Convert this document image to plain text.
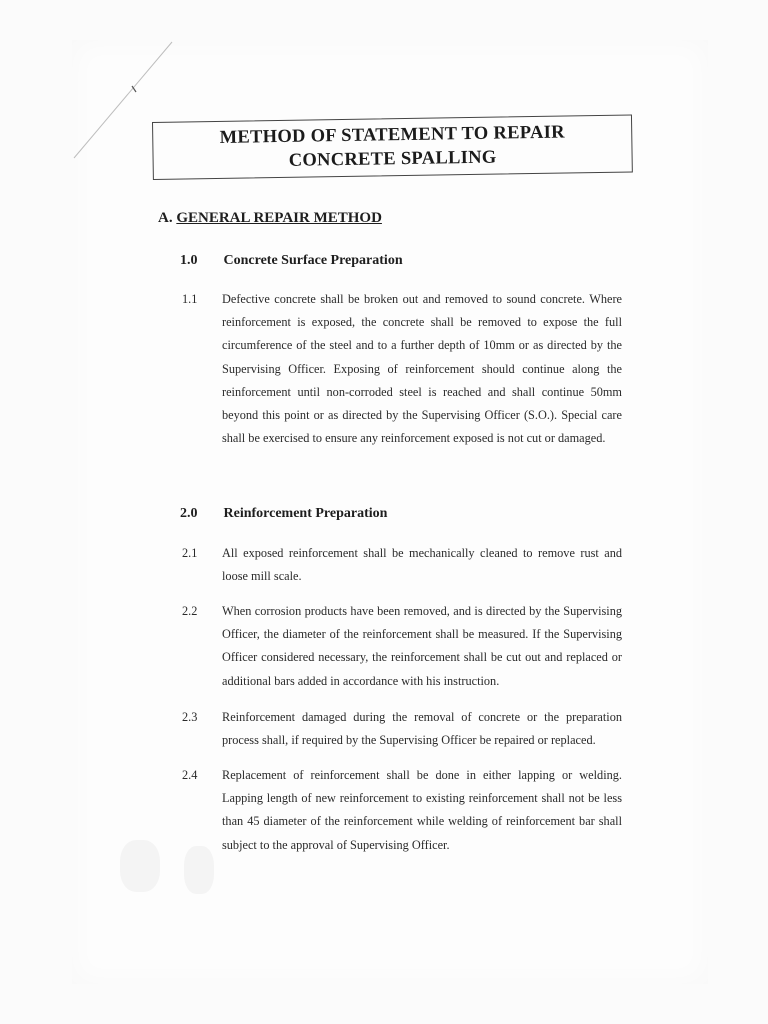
METHOD OF STATEMENT TO REPAIR
CONCRETE SPALLING
A. GENERAL REPAIR METHOD
1.0 Concrete Surface Preparation
1.1	Defective concrete shall be broken out and removed to sound concrete. Where reinforcement is exposed, the concrete shall be removed to expose the full circumference of the steel and to a further depth of 10mm or as directed by the Supervising Officer. Exposing of reinforcement should continue along the reinforcement until non-corroded steel is reached and shall continue 50mm beyond this point or as directed by the Supervising Officer (S.O.). Special care shall be exercised to ensure any reinforcement exposed is not cut or damaged.
2.0 Reinforcement Preparation
2.1	All exposed reinforcement shall be mechanically cleaned to remove rust and loose mill scale.
2.2	When corrosion products have been removed, and is directed by the Supervising Officer, the diameter of the reinforcement shall be measured. If the Supervising Officer considered necessary, the reinforcement shall be cut out and replaced or additional bars added in accordance with his instruction.
2.3	Reinforcement damaged during the removal of concrete or the preparation process shall, if required by the Supervising Officer be repaired or replaced.
2.4	Replacement of reinforcement shall be done in either lapping or welding. Lapping length of new reinforcement to existing reinforcement shall not be less than 45 diameter of the reinforcement while welding of reinforcement bar shall subject to the approval of Supervising Officer.
